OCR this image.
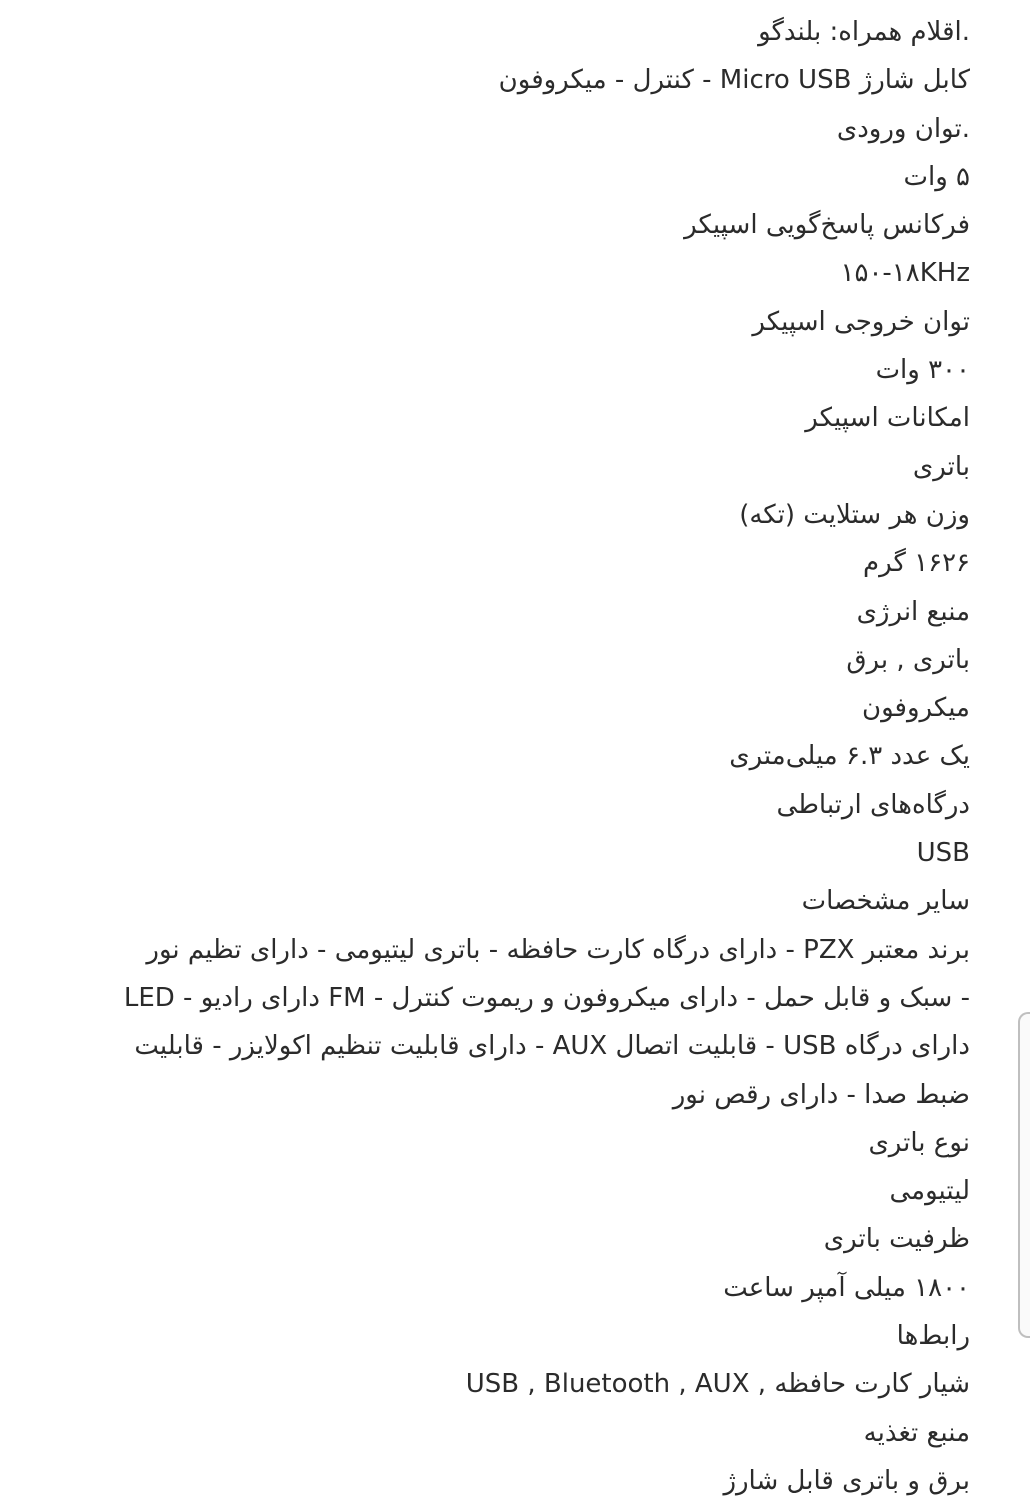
.اقلام همراه: بلندگو
کابل شارژ Micro USB - کنترل - میکروفون
.توان ورودی
۵ وات
فرکانس پاسخ‌گویی اسپیکر
۱۵۰-۱۸KHz
توان خروجی اسپیکر
۳۰۰ وات
امکانات اسپیکر
باتری
وزن هر ستلایت (تکه)
۱۶۲۶ گرم
منبع انرژی
باتری , برق
میکروفون
یک عدد ۶.۳ میلی‌متری
درگاه‌های ارتباطی
USB
سایر مشخصات
برند معتبر PZX - دارای درگاه کارت حافظه - باتری لیتیومی - دارای تظیم نور
LED - دارای رادیو FM - سبک و قابل حمل - دارای میکروفون و ریموت کنترل -
دارای درگاه USB - قابلیت اتصال AUX - دارای قابلیت تنظیم اکولایزر - قابلیت
ضبط صدا - دارای رقص نور
نوع باتری
لیتیومی
ظرفیت باتری
۱۸۰۰ میلی آمپر ساعت
رابط‌ها
شیار کارت حافظه , USB , Bluetooth , AUX
منبع تغذیه
برق و باتری قابل شارژ
